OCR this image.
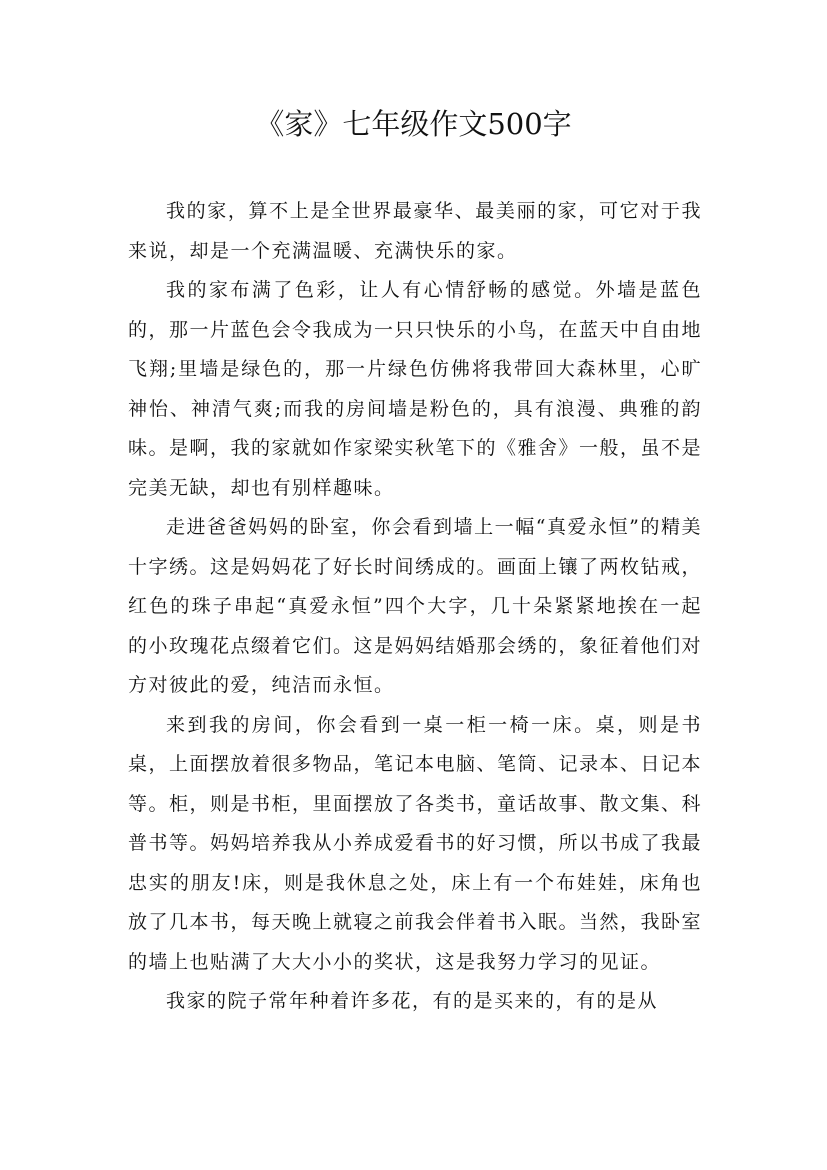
《家》七年级作文500字

我的家，算不上是全世界最豪华、最美丽的家，可它对于我来说，却是一个充满温暖、充满快乐的家。

我的家布满了色彩，让人有心情舒畅的感觉。外墙是蓝色的，那一片蓝色会令我成为一只只快乐的小鸟，在蓝天中自由地飞翔;里墙是绿色的，那一片绿色仿佛将我带回大森林里，心旷神怡、神清气爽;而我的房间墙是粉色的，具有浪漫、典雅的韵味。是啊，我的家就如作家梁实秋笔下的《雅舍》一般，虽不是完美无缺，却也有别样趣味。

走进爸爸妈妈的卧室，你会看到墙上一幅“真爱永恒”的精美十字绣。这是妈妈花了好长时间绣成的。画面上镶了两枚钻戒，红色的珠子串起“真爱永恒”四个大字，几十朵紧紧地挨在一起的小玫瑰花点缀着它们。这是妈妈结婚那会绣的，象征着他们对方对彼此的爱，纯洁而永恒。

来到我的房间，你会看到一桌一柜一椅一床。桌，则是书桌，上面摆放着很多物品，笔记本电脑、笔筒、记录本、日记本等。柜，则是书柜，里面摆放了各类书，童话故事、散文集、科普书等。妈妈培养我从小养成爱看书的好习惯，所以书成了我最忠实的朋友!床，则是我休息之处，床上有一个布娃娃，床角也放了几本书，每天晚上就寝之前我会伴着书入眠。当然，我卧室的墙上也贴满了大大小小的奖状，这是我努力学习的见证。

我家的院子常年种着许多花，有的是买来的，有的是从
